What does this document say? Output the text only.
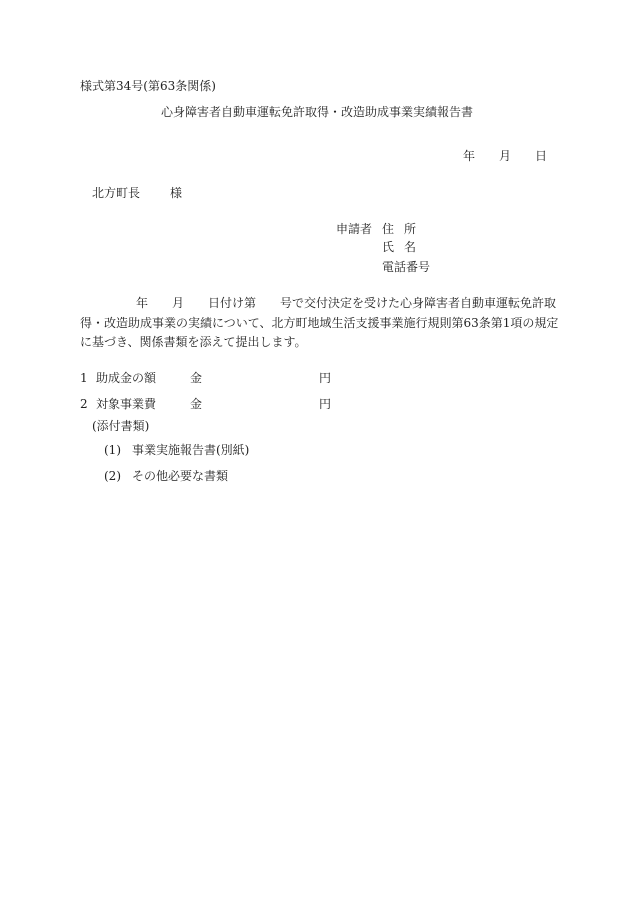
様式第34号(第63条関係)
心身障害者自動車運転免許取得・改造助成事業実績報告書
年 月 日
北方町長 様
申請者 住所
氏名
電話番号
年 月 日付け第　　号で交付決定を受けた心身障害者自動車運転免許取
得・改造助成事業の実績について、北方町地域生活支援事業施行規則第63条第1項の規定
に基づき、関係書類を添えて提出します。
1 助成金の額	金	円
2 対象事業費	金	円
(添付書類)
(1) 事業実施報告書(別紙)
(2) その他必要な書類
